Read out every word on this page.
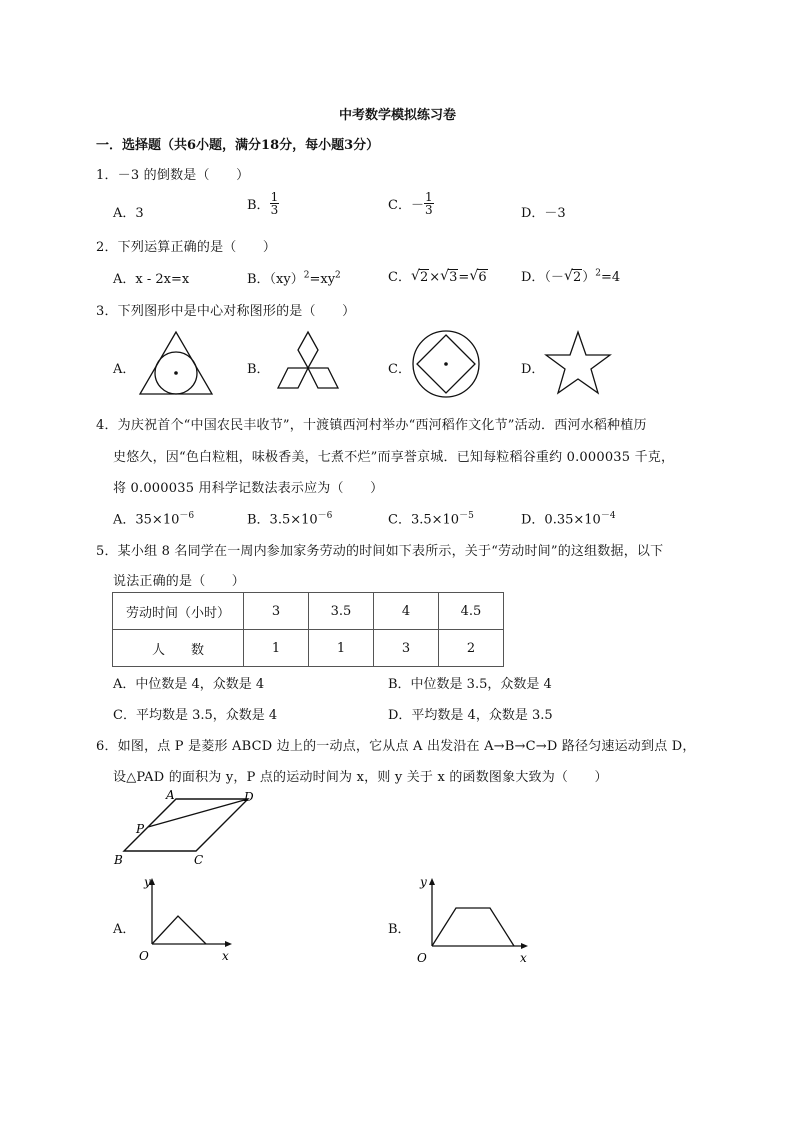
中考数学模拟练习卷
一．选择题（共6小题，满分18分，每小题3分）
1．－3 的倒数是（　　）
A．3
B． $\frac{1}{3}$	C．－ $\frac{1}{3}$	D．－3
2．下列运算正确的是（　　）
A．x - 2x=x	B．$(xy)^2=xy^2$	C． √ 2× √ 3= √ 6	D．（－ √ 2）$^2$=4
3．下列图形中是中心对称图形的是（　　）
A．	B．	C．	D．
4．为庆祝首个“中国农民丰收节”，十渡镇西河村举办“西河稻作文化节”活动．西河水稻种植历
史悠久，因“色白粒粗，味极香美，七煮不烂”而享誉京城．已知每粒稻谷重约 0.000035 千克，
将 0.000035 用科学记数法表示应为（　　）
A．$35\times 10^{-6}$	B．$3.5\times 10^{-6}$	C．$3.5\times 10^{-5}$	D．$0.35\times 10^{-4}$
5．某小组 8 名同学在一周内参加家务劳动的时间如下表所示，关于“劳动时间”的这组数据，以下
说法正确的是（　　）
劳动时间（小时）	3	3.5	4	4.5
人　　数	1	1	3	2
A．中位数是 4，众数是 4	B．中位数是 3.5，众数是 4
C．平均数是 3.5，众数是 4	D．平均数是 4，众数是 3.5
6．如图，点 P 是菱形 ABCD 边上的一动点，它从点 A 出发沿在 A→B→C→D 路径匀速运动到点 D，
设△PAD 的面积为 y，P 点的运动时间为 x，则 y 关于 x 的函数图象大致为（　　）
A	D
P
B	C
A．
y
x
O
B．
y
x
O
